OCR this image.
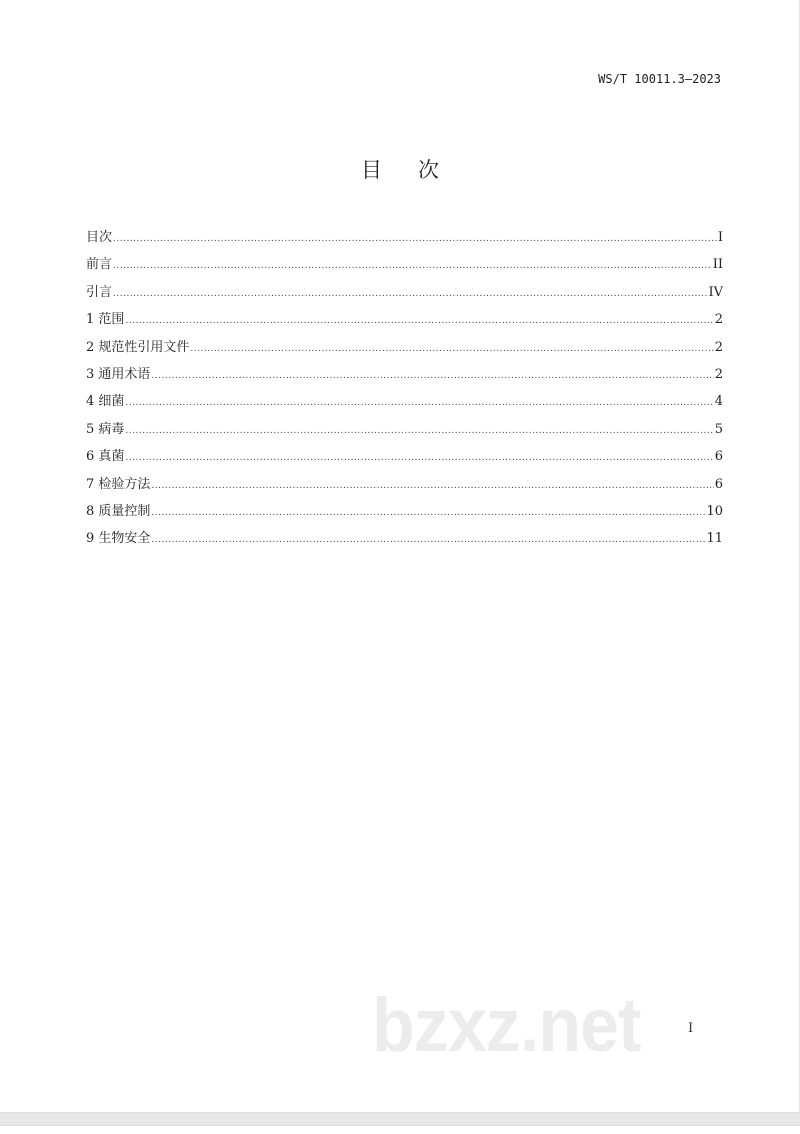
WS/T 10011.3—2023
目 次
目次 .....	I
前言 .....	II
引言 .....	IV
1 范围 .....	2
2 规范性引用文件 .....	2
3 通用术语 .....	2
4 细菌 .....	4
5 病毒 .....	5
6 真菌 .....	6
7 检验方法 .....	6
8 质量控制 .....	10
9 生物安全 .....	11
bzxz.net	I
